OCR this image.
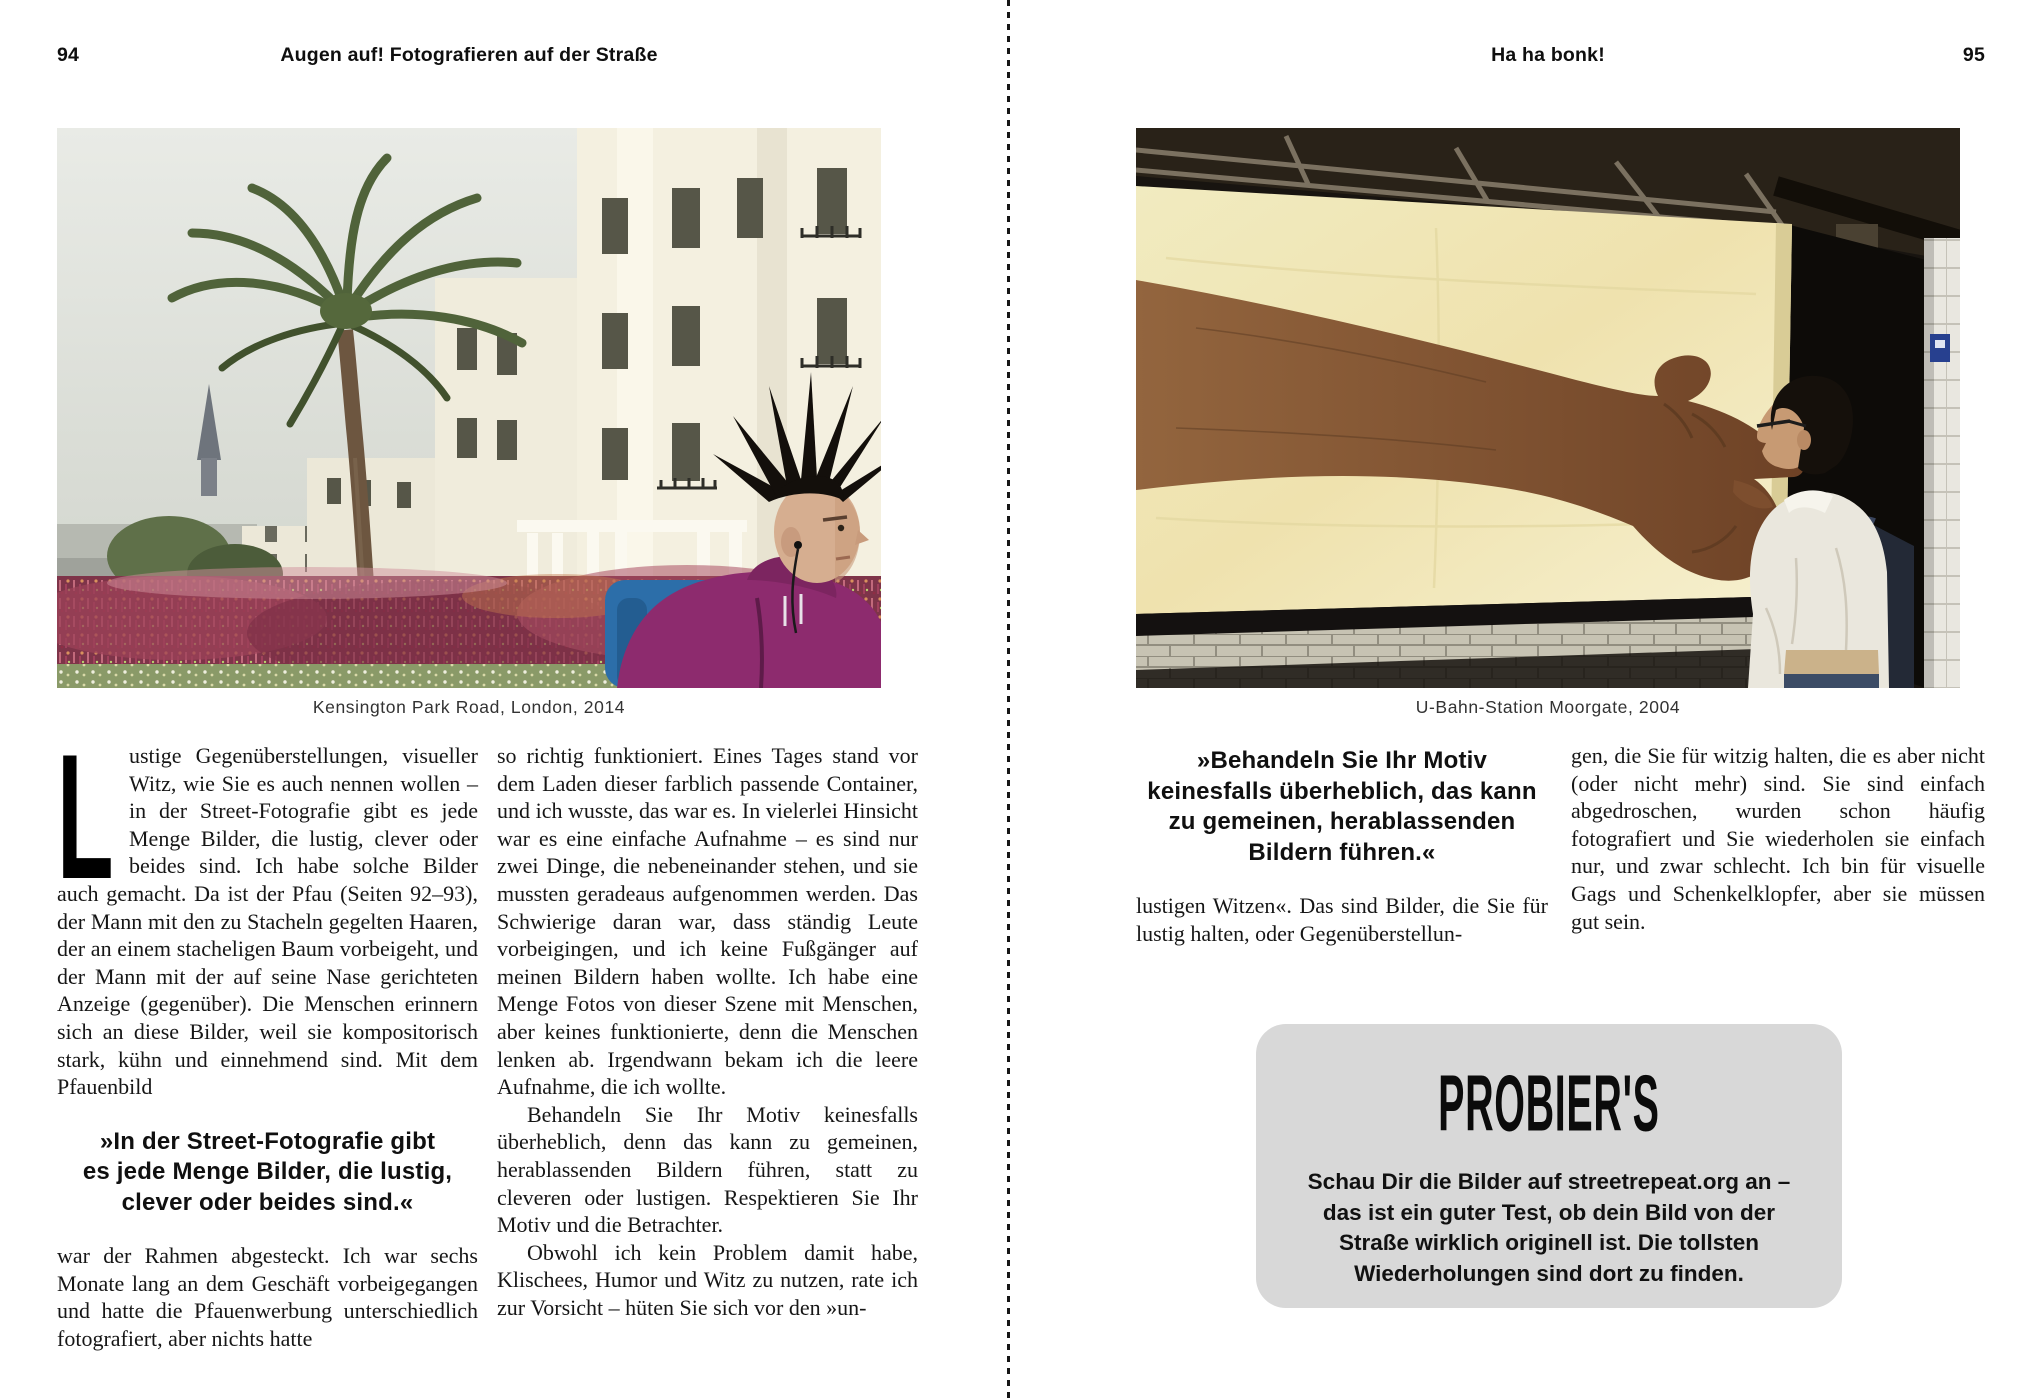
94	Augen auf! Fotografieren auf der Straße	Ha ha bonk!	95
Kensington Park Road, London, 2014	U-Bahn-Station Moorgate, 2004

L ustige Gegenüberstellungen, visueller Witz, wie Sie es auch nennen wollen – in der Street-Fotografie gibt es jede Menge Bilder, die lustig, clever oder beides sind. Ich habe solche Bilder auch gemacht. Da ist der Pfau (Seiten 92–93), der Mann mit den zu Stacheln gegelten Haaren, der an einem stacheligen Baum vorbeigeht, und der Mann mit der auf seine Nase gerichteten Anzeige (gegenüber). Die Menschen erinnern sich an diese Bilder, weil sie kompositorisch stark, kühn und einnehmend sind. Mit dem Pfauenbild

»In der Street-Fotografie gibt
es jede Menge Bilder, die lustig,
clever oder beides sind.«

war der Rahmen abgesteckt. Ich war sechs Monate lang an dem Geschäft vorbeigegangen und hatte die Pfauenwerbung unterschiedlich fotografiert, aber nichts hatte

so richtig funktioniert. Eines Tages stand vor dem Laden dieser farblich passende Container, und ich wusste, das war es. In vielerlei Hinsicht war es eine einfache Aufnahme – es sind nur zwei Dinge, die nebeneinander stehen, und sie mussten geradeaus aufgenommen werden. Das Schwierige daran war, dass ständig Leute vorbeigingen, und ich keine Fußgänger auf meinen Bildern haben wollte. Ich habe eine Menge Fotos von dieser Szene mit Menschen, aber keines funktionierte, denn die Menschen lenken ab. Irgendwann bekam ich die leere Aufnahme, die ich wollte.

Behandeln Sie Ihr Motiv keinesfalls überheblich, denn das kann zu gemeinen, herablassenden Bildern führen, statt zu cleveren oder lustigen. Respektieren Sie Ihr Motiv und die Betrachter.

Obwohl ich kein Problem damit habe, Klischees, Humor und Witz zu nutzen, rate ich zur Vorsicht – hüten Sie sich vor den »un-

»Behandeln Sie Ihr Motiv
keinesfalls überheblich, das kann
zu gemeinen, herablassenden
Bildern führen.«

lustigen Witzen«. Das sind Bilder, die Sie für lustig halten, oder Gegenüberstellun-

gen, die Sie für witzig halten, die es aber nicht (oder nicht mehr) sind. Sie sind einfach abgedroschen, wurden schon häufig fotografiert und Sie wiederholen sie einfach nur, und zwar schlecht. Ich bin für visuelle Gags und Schenkelklopfer, aber sie müssen gut sein.

PROBIER'S
Schau Dir die Bilder auf streetrepeat.org an – das ist ein guter Test, ob dein Bild von der Straße wirklich originell ist. Die tollsten Wiederholungen sind dort zu finden.
